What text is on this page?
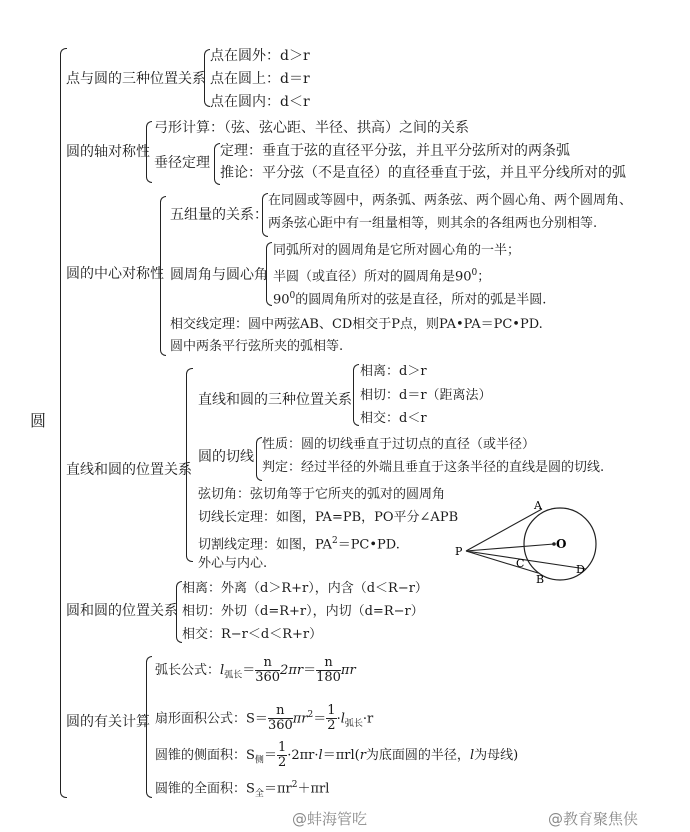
圆
点与圆的三种位置关系
点在圆外：d＞r
点在圆上：d＝r
点在圆内：d＜r
圆的轴对称性
弓形计算：（弦、弦心距、半径、拱高）之间的关系
垂径定理
定理：垂直于弦的直径平分弦，并且平分弦所对的两条弧
推论：平分弦（不是直径）的直径垂直于弦，并且平分线所对的弧
圆的中心对称性
五组量的关系：
在同圆或等圆中，两条弧、两条弦、两个圆心角、两个圆周角、
两条弦心距中有一组量相等，则其余的各组两也分别相等.
圆周角与圆心角
同弧所对的圆周角是它所对圆心角的一半；
半圆（或直径）所对的圆周角是$90^0$；
$90^0$的圆周角所对的弦是直径，所对的弧是半圆.
相交线定理：圆中两弦AB、CD相交于P点，则PA•PA＝PC•PD.
圆中两条平行弦所夹的弧相等.
直线和圆的位置关系
直线和圆的三种位置关系
相离：d＞r
相切：d＝r（距离法）
相交：d＜r
圆的切线
性质：圆的切线垂直于过切点的直径（或半径）
判定：经过半径的外端且垂直于这条半径的直线是圆的切线.
弦切角：弦切角等于它所夹的弧对的圆周角
切线长定理：如图，PA=PB，PO平分∠APB
切割线定理：如图，$PA^2=PC•PD$.
外心与内心.
A
B
C	D
O
P
圆和圆的位置关系
相离：外离（d＞R+r），内含（d＜R−r）
相切：外切（d=R+r），内切（d=R−r）
相交：R−r＜d＜R+r）
圆的有关计算
弧长公式：$l_{弧长}= \frac{n}{360} 2\pi r= \frac{n}{180}$ πr
扇形面积公式：$S= \frac{n}{360} \pi r^2= \frac{1}{2} \cdot l_{弧长}\cdot r$
圆锥的侧面积：$S_侧= \frac{1}{2} \cdot 2\pi r\cdot l=\pi rl(r$为底面圆的半径，l为母线)
圆锥的全面积：$S_全=\pi r^2+\pi rl$
@蚌海管吃	@教育聚焦侠
